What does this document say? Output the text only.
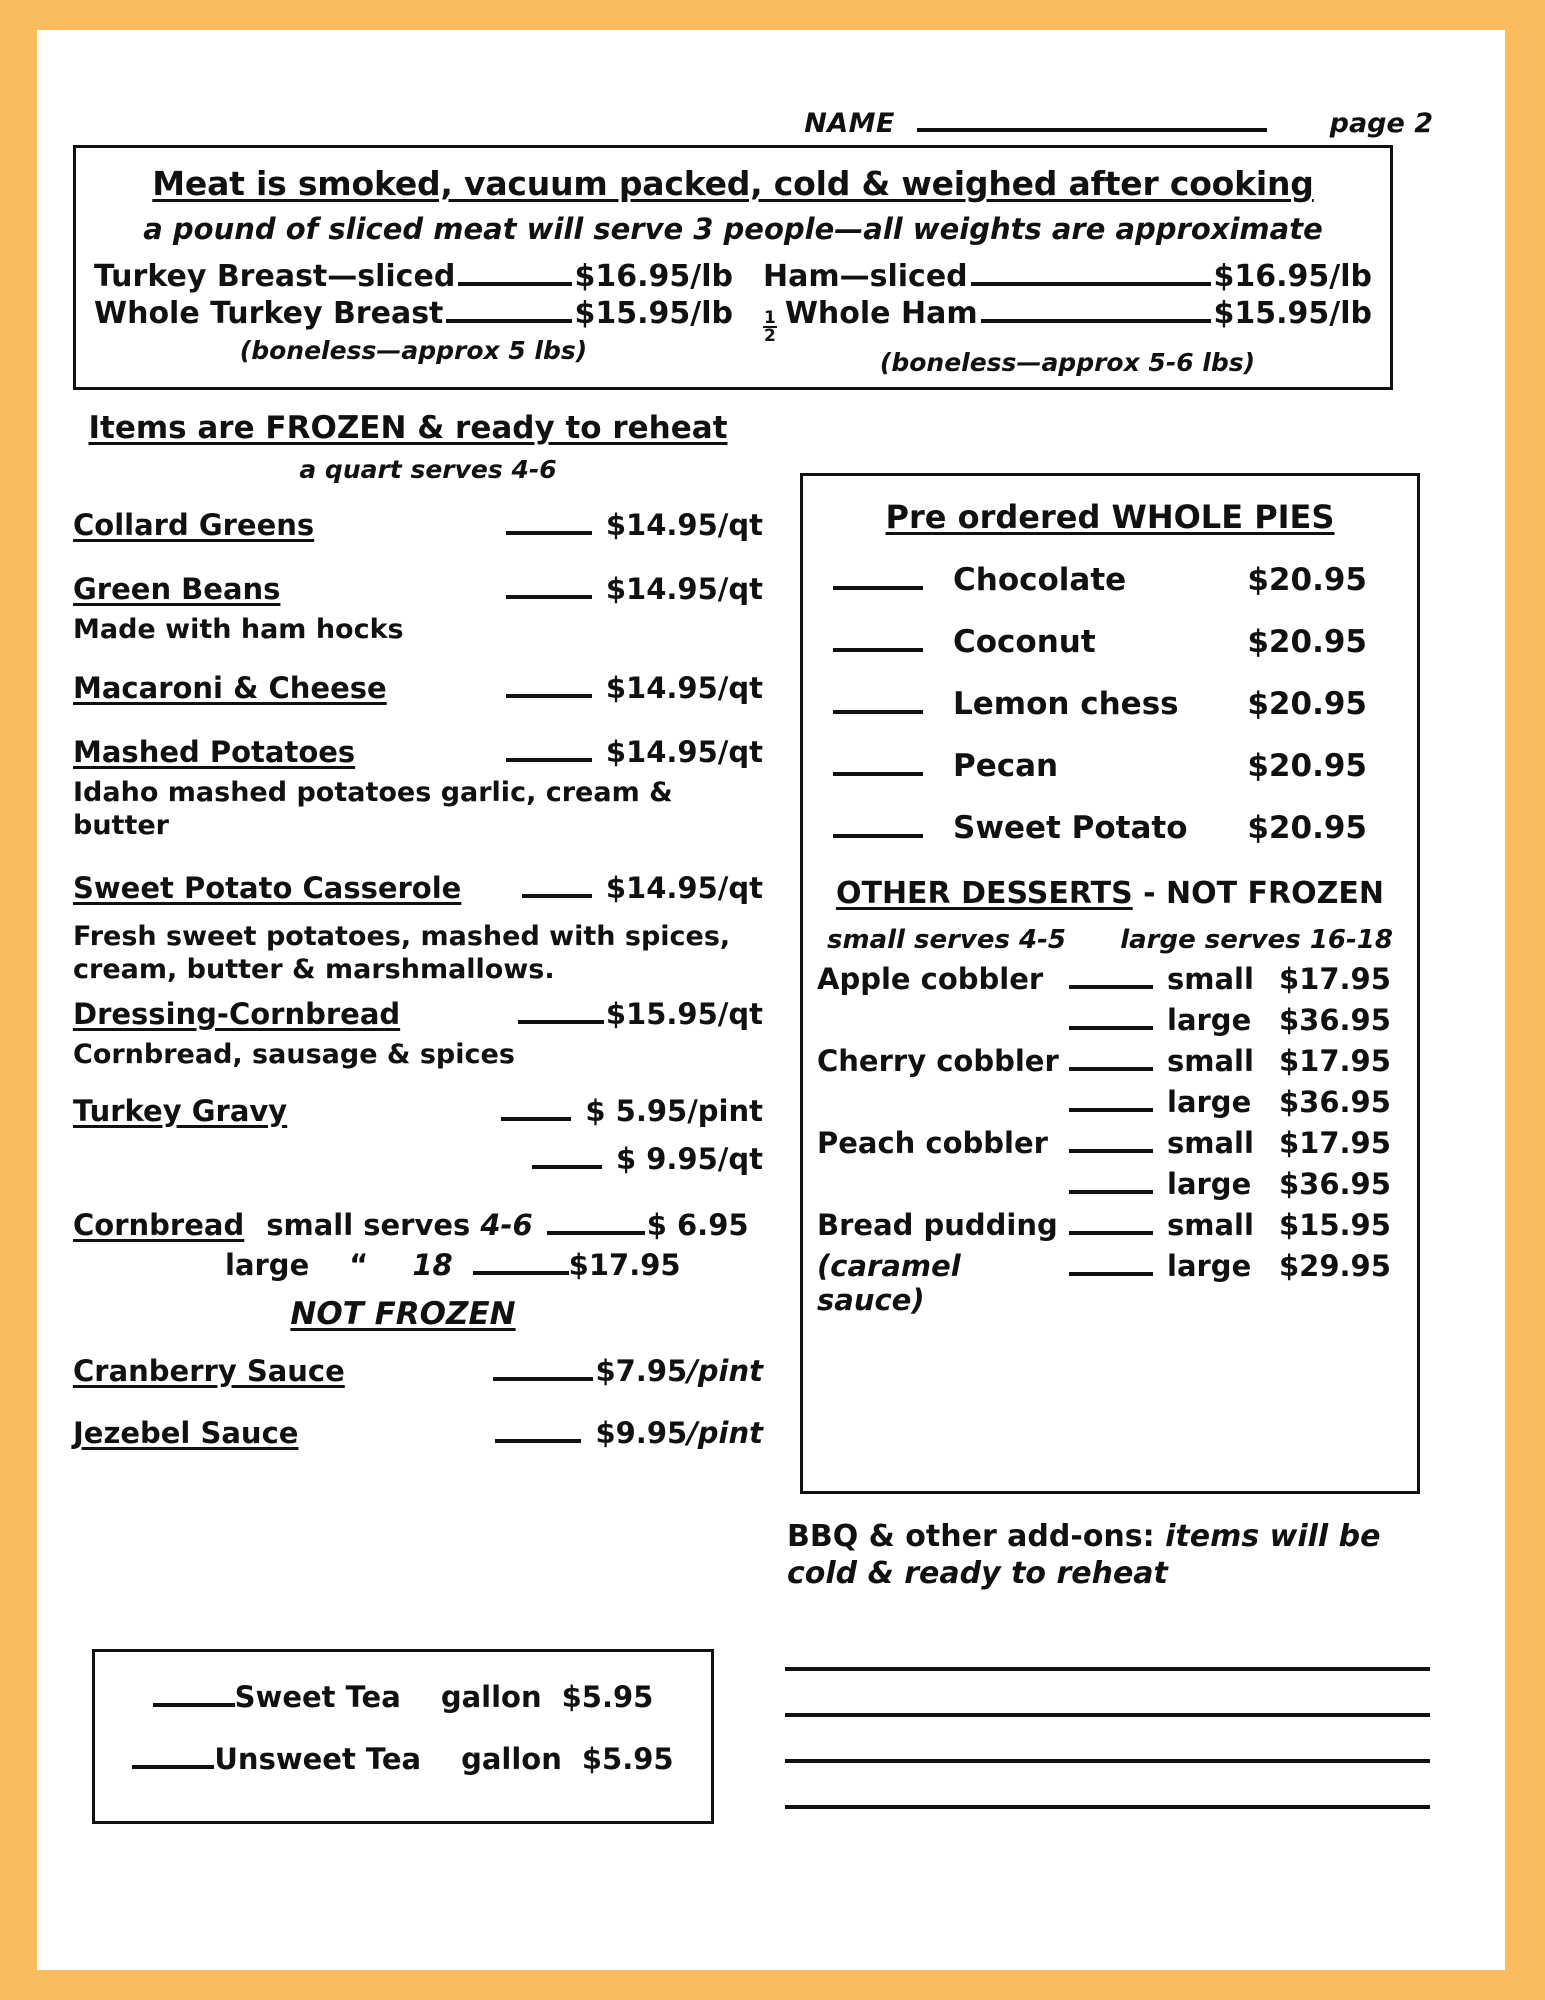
NAME	page 2
Meat is smoked, vacuum packed, cold & weighed after cooking
a pound of sliced meat will serve 3 people—all weights are approximate
Turkey Breast—sliced	$16.95/lb
Whole Turkey Breast	$15.95/lb
(boneless—approx 5 lbs)
Ham—sliced	$16.95/lb
$\frac{1}{2}$ Whole Ham	$15.95/lb
(boneless—approx 5-6 lbs)
Items are FROZEN & ready to reheat
a quart serves 4-6
Collard Greens	$14.95/qt
Green Beans	$14.95/qt
Made with ham hocks
Macaroni & Cheese	$14.95/qt
Mashed Potatoes	$14.95/qt
Idaho mashed potatoes garlic, cream & butter
Sweet Potato Casserole	$14.95/qt
Fresh sweet potatoes, mashed with spices, cream, butter & marshmallows.
Dressing-Cornbread	$15.95/qt
Cornbread, sausage & spices
Turkey Gravy	$ 5.95/pint
$ 9.95/qt
Cornbread small serves 4-6	$ 6.95
large “ 18	$17.95
NOT FROZEN
Cranberry Sauce	$7.95 /pint
Jezebel Sauce	$9.95 /pint
Sweet Tea gallon $5.95
Unsweet Tea gallon $5.95
Pre ordered WHOLE PIES
Chocolate	$20.95
Coconut	$20.95
Lemon chess $20.95
Pecan	$20.95
Sweet Potato $20.95
OTHER DESSERTS - NOT FROZEN
small serves 4-5 large serves 16-18
Apple cobbler	small $17.95
large $36.95
Cherry cobbler	small $17.95
large $36.95
Peach cobbler	small $17.95
large $36.95
Bread pudding	small $15.95
(caramel sauce)
large $29.95
BBQ & other add-ons: items will be cold & ready to reheat
